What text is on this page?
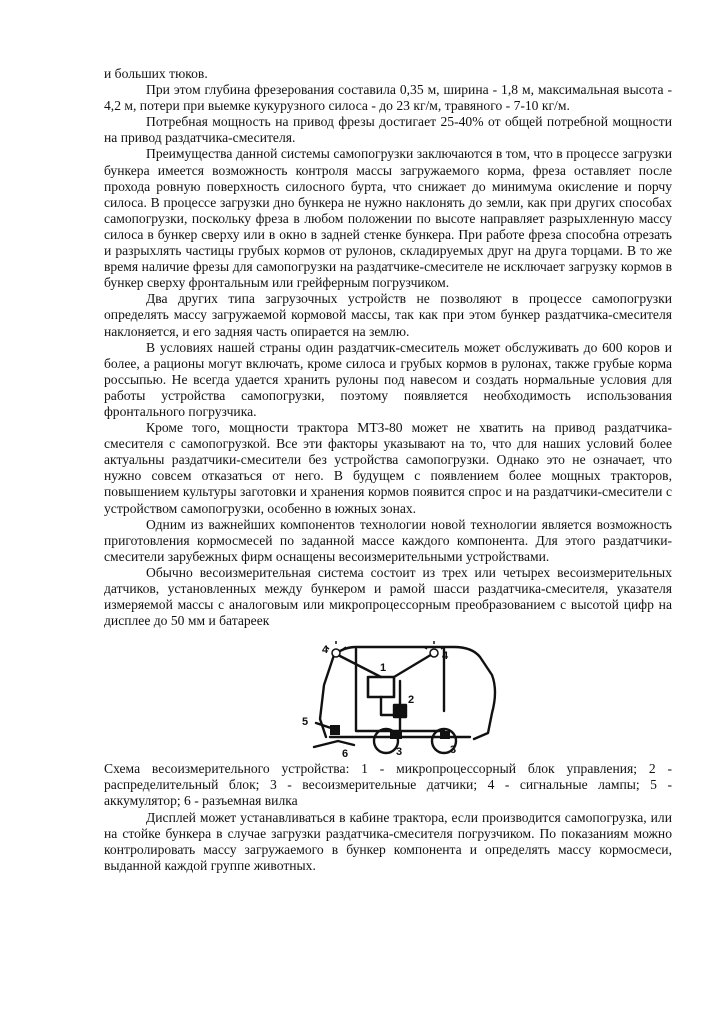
и больших тюков.

При этом глубина фрезерования составила 0,35 м, ширина - 1,8 м, максимальная высота - 4,2 м, потери при выемке кукурузного силоса - до 23 кг/м, травяного - 7-10 кг/м.

Потребная мощность на привод фрезы достигает 25-40% от общей потребной мощности на привод раздатчика-смесителя.

Преимущества данной системы самопогрузки заключаются в том, что в процессе загрузки бункера имеется возможность контроля массы загружаемого корма, фреза оставляет после прохода ровную поверхность силосного бурта, что снижает до минимума окисление и порчу силоса. В процессе загрузки дно бункера не нужно наклонять до земли, как при других способах самопогрузки, поскольку фреза в любом положении по высоте направляет разрыхленную массу силоса в бункер сверху или в окно в задней стенке бункера. При работе фреза способна отрезать и разрыхлять частицы грубых кормов от рулонов, складируемых друг на друга торцами. В то же время наличие фрезы для самопогрузки на раздатчике-смесителе не исключает загрузку кормов в бункер сверху фронтальным или грейферным погрузчиком.

Два других типа загрузочных устройств не позволяют в процессе самопогрузки определять массу загружаемой кормовой массы, так как при этом бункер раздатчика-смесителя наклоняется, и его задняя часть опирается на землю.

В условиях нашей страны один раздатчик-смеситель может обслуживать до 600 коров и более, а рационы могут включать, кроме силоса и грубых кормов в рулонах, также грубые корма россыпью. Не всегда удается хранить рулоны под навесом и создать нормальные условия для работы устройства самопогрузки, поэтому появляется необходимость использования фронтального погрузчика.

Кроме того, мощности трактора МТЗ-80 может не хватить на привод раздатчика-смесителя с самопогрузкой. Все эти факторы указывают на то, что для наших условий более актуальны раздатчики-смесители без устройства самопогрузки. Однако это не означает, что нужно совсем отказаться от него. В будущем с появлением более мощных тракторов, повышением культуры заготовки и хранения кормов появится спрос и на раздатчики-смесители с устройством самопогрузки, особенно в южных зонах.

Одним из важнейших компонентов технологии новой технологии является возможность приготовления кормосмесей по заданной массе каждого компонента. Для этого раздатчики-смесители зарубежных фирм оснащены весоизмерительными устройствами.

Обычно весоизмерительная система состоит из трех или четырех весоизмерительных датчиков, установленных между бункером и рамой шасси раздатчика-смесителя, указателя измеряемой массы с аналоговым или микропроцессорным преобразованием с высотой цифр на дисплее до 50 мм и батареек

1
2
3
4	4
5
6	3

Схема весоизмерительного устройства: 1 - микропроцессорный блок управления; 2 - распределительный блок; 3 - весоизмерительные датчики; 4 - сигнальные лампы; 5 - аккумулятор; 6 - разъемная вилка

Дисплей может устанавливаться в кабине трактора, если производится самопогрузка, или на стойке бункера в случае загрузки раздатчика-смесителя погрузчиком. По показаниям можно контролировать массу загружаемого в бункер компонента и определять массу кормосмеси, выданной каждой группе животных.
